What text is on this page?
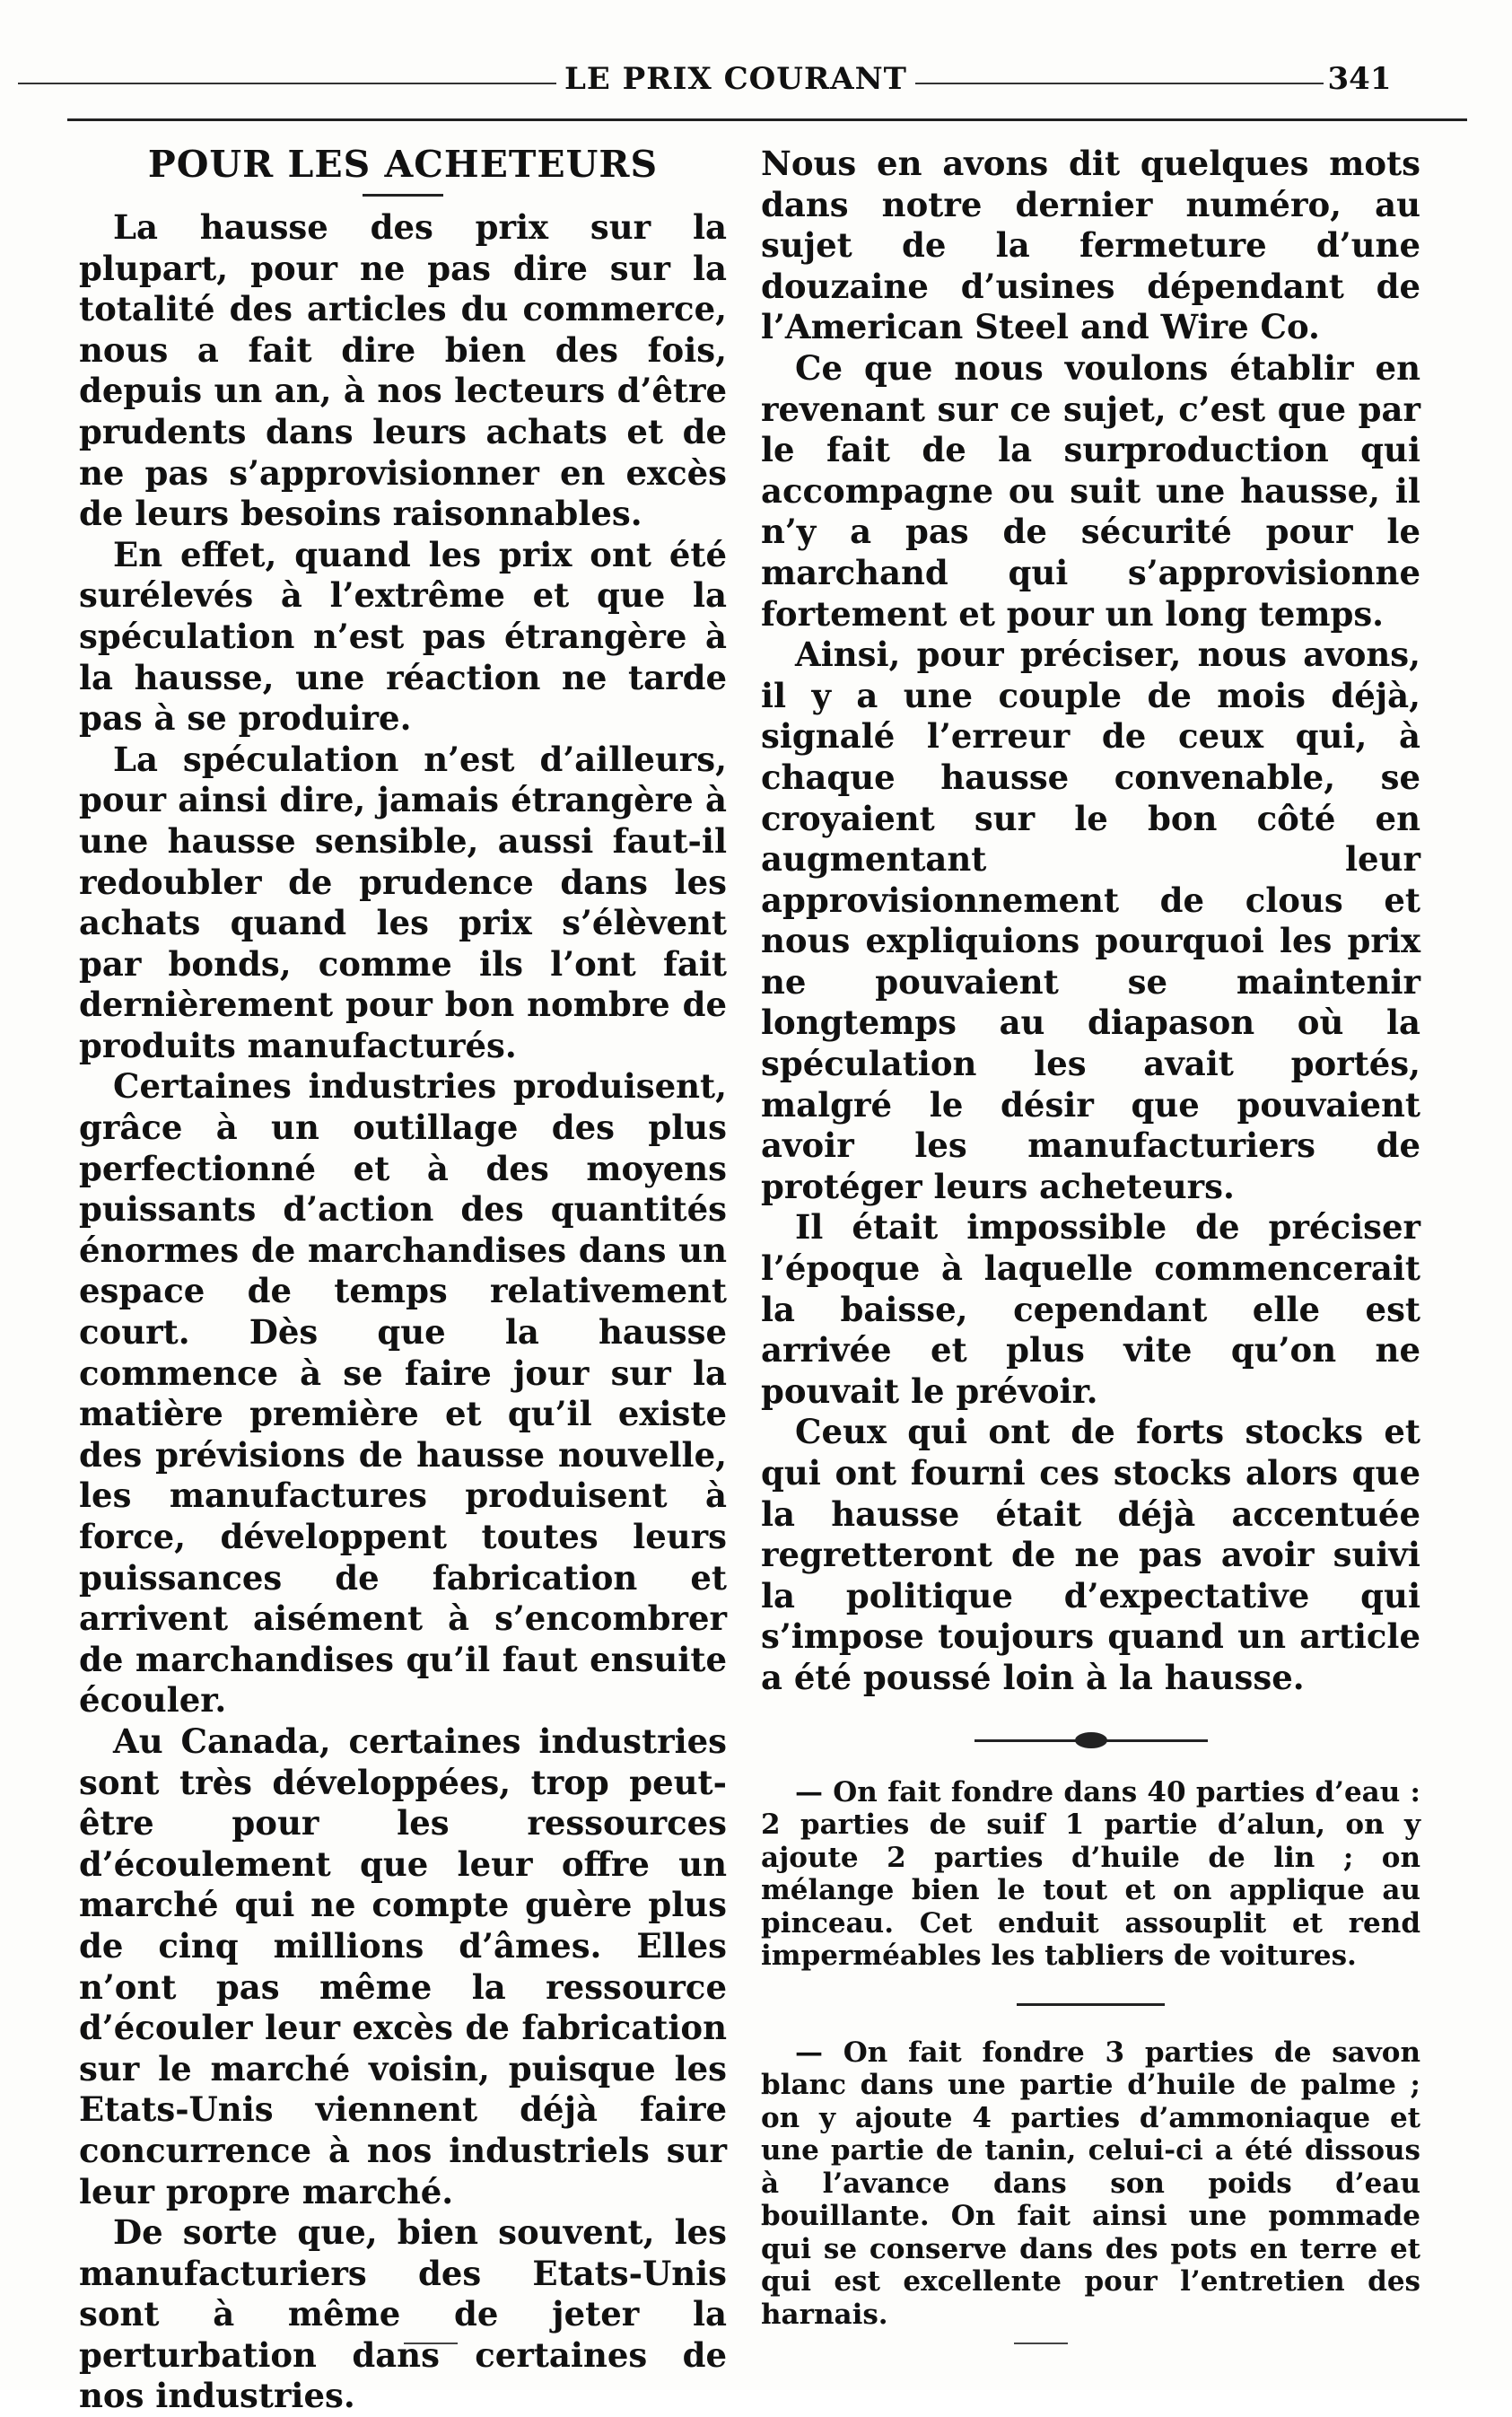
LE PRIX COURANT	341
POUR LES ACHETEURS

La hausse des prix sur la plupart, pour ne pas dire sur la totalité des articles du commerce, nous a fait dire bien des fois, depuis un an, à nos lecteurs d’être prudents dans leurs achats et de ne pas s’approvisionner en excès de leurs besoins raisonnables.

En effet, quand les prix ont été surélevés à l’extrême et que la spéculation n’est pas étrangère à la hausse, une réaction ne tarde pas à se produire.

La spéculation n’est d’ailleurs, pour ainsi dire, jamais étrangère à une hausse sensible, aussi faut-il redoubler de prudence dans les achats quand les prix s’élèvent par bonds, comme ils l’ont fait dernièrement pour bon nombre de produits manufacturés.

Certaines industries produisent, grâce à un outillage des plus perfectionné et à des moyens puissants d’action des quantités énormes de marchandises dans un espace de temps relativement court. Dès que la hausse commence à se faire jour sur la matière première et qu’il existe des prévisions de hausse nouvelle, les manufactures produisent à force, développent toutes leurs puissances de fabrication et arrivent aisément à s’encombrer de marchandises qu’il faut ensuite écouler.

Au Canada, certaines industries sont très développées, trop peut-être pour les ressources d’écoulement que leur offre un marché qui ne compte guère plus de cinq millions d’âmes. Elles n’ont pas même la ressource d’écouler leur excès de fabrication sur le marché voisin, puisque les Etats-Unis viennent déjà faire concurrence à nos industriels sur leur propre marché.

De sorte que, bien souvent, les manufacturiers des Etats-Unis sont à même de jeter la perturbation dans certaines de nos industries.

Nous en avons dit quelques mots dans notre dernier numéro, au sujet de la fermeture d’une douzaine d’usines dépendant de l’American Steel and Wire Co.

Ce que nous voulons établir en revenant sur ce sujet, c’est que par le fait de la surproduction qui accompagne ou suit une hausse, il n’y a pas de sécurité pour le marchand qui s’approvisionne fortement et pour un long temps.

Ainsi, pour préciser, nous avons, il y a une couple de mois déjà, signalé l’erreur de ceux qui, à chaque hausse convenable, se croyaient sur le bon côté en augmentant leur approvisionnement de clous et nous expliquions pourquoi les prix ne pouvaient se maintenir longtemps au diapason où la spéculation les avait portés, malgré le désir que pouvaient avoir les manufacturiers de protéger leurs acheteurs.

Il était impossible de préciser l’époque à laquelle commencerait la baisse, cependant elle est arrivée et plus vite qu’on ne pouvait le prévoir.

Ceux qui ont de forts stocks et qui ont fourni ces stocks alors que la hausse était déjà accentuée regretteront de ne pas avoir suivi la politique d’expectative qui s’impose toujours quand un article a été poussé loin à la hausse.

— On fait fondre dans 40 parties d’eau : 2 parties de suif 1 partie d’alun, on y ajoute 2 parties d’huile de lin ; on mélange bien le tout et on applique au pinceau. Cet enduit assouplit et rend imperméables les tabliers de voitures.

— On fait fondre 3 parties de savon blanc dans une partie d’huile de palme ; on y ajoute 4 parties d’ammoniaque et une partie de tanin, celui-ci a été dissous à l’avance dans son poids d’eau bouillante. On fait ainsi une pommade qui se conserve dans des pots en terre et qui est excellente pour l’entretien des harnais.
